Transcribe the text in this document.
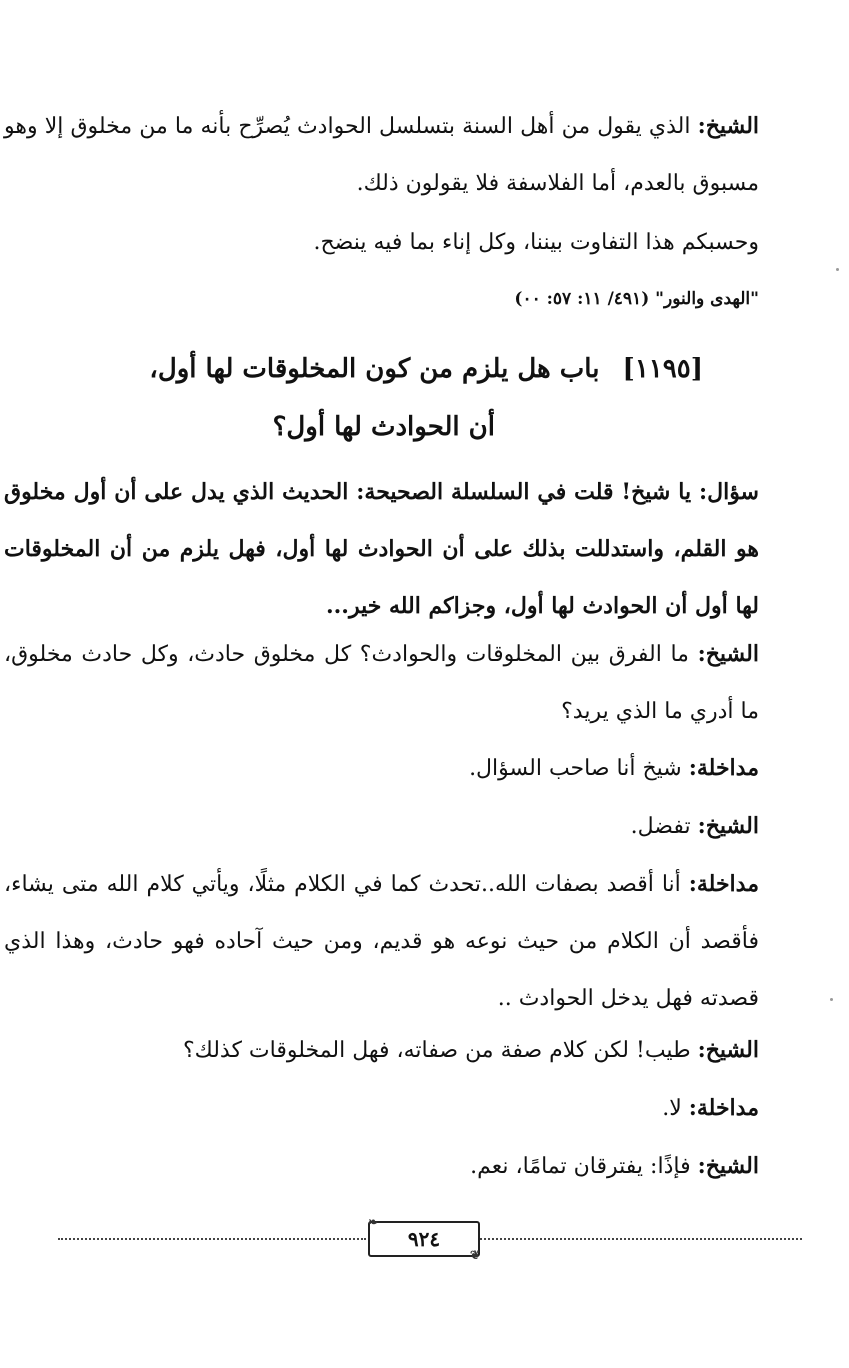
الشيخ: الذي يقول من أهل السنة بتسلسل الحوادث يُصرِّح بأنه ما من مخلوق إلا وهو مسبوق بالعدم، أما الفلاسفة فلا يقولون ذلك.
وحسبكم هذا التفاوت بيننا، وكل إناء بما فيه ينضح.
"الهدى والنور" (٤٩١/ ١١: ٥٧: ٠٠)
[١١٩٥] باب هل يلزم من كون المخلوقات لها أول،
أن الحوادث لها أول؟
سؤال: يا شيخ! قلت في السلسلة الصحيحة: الحديث الذي يدل على أن أول مخلوق هو القلم، واستدللت بذلك على أن الحوادث لها أول، فهل يلزم من أن المخلوقات لها أول أن الحوادث لها أول، وجزاكم الله خير...
الشيخ: ما الفرق بين المخلوقات والحوادث؟ كل مخلوق حادث، وكل حادث مخلوق، ما أدري ما الذي يريد؟
مداخلة: شيخ أنا صاحب السؤال.
الشيخ: تفضل.
مداخلة: أنا أقصد بصفات الله..تحدث كما في الكلام مثلًا، ويأتي كلام الله متى يشاء، فأقصد أن الكلام من حيث نوعه هو قديم، ومن حيث آحاده فهو حادث، وهذا الذي قصدته فهل يدخل الحوادث ..
الشيخ: طيب! لكن كلام صفة من صفاته، فهل المخلوقات كذلك؟
مداخلة: لا.
الشيخ: فإذًا: يفترقان تمامًا، نعم.
❧
٩٢٤
❦
